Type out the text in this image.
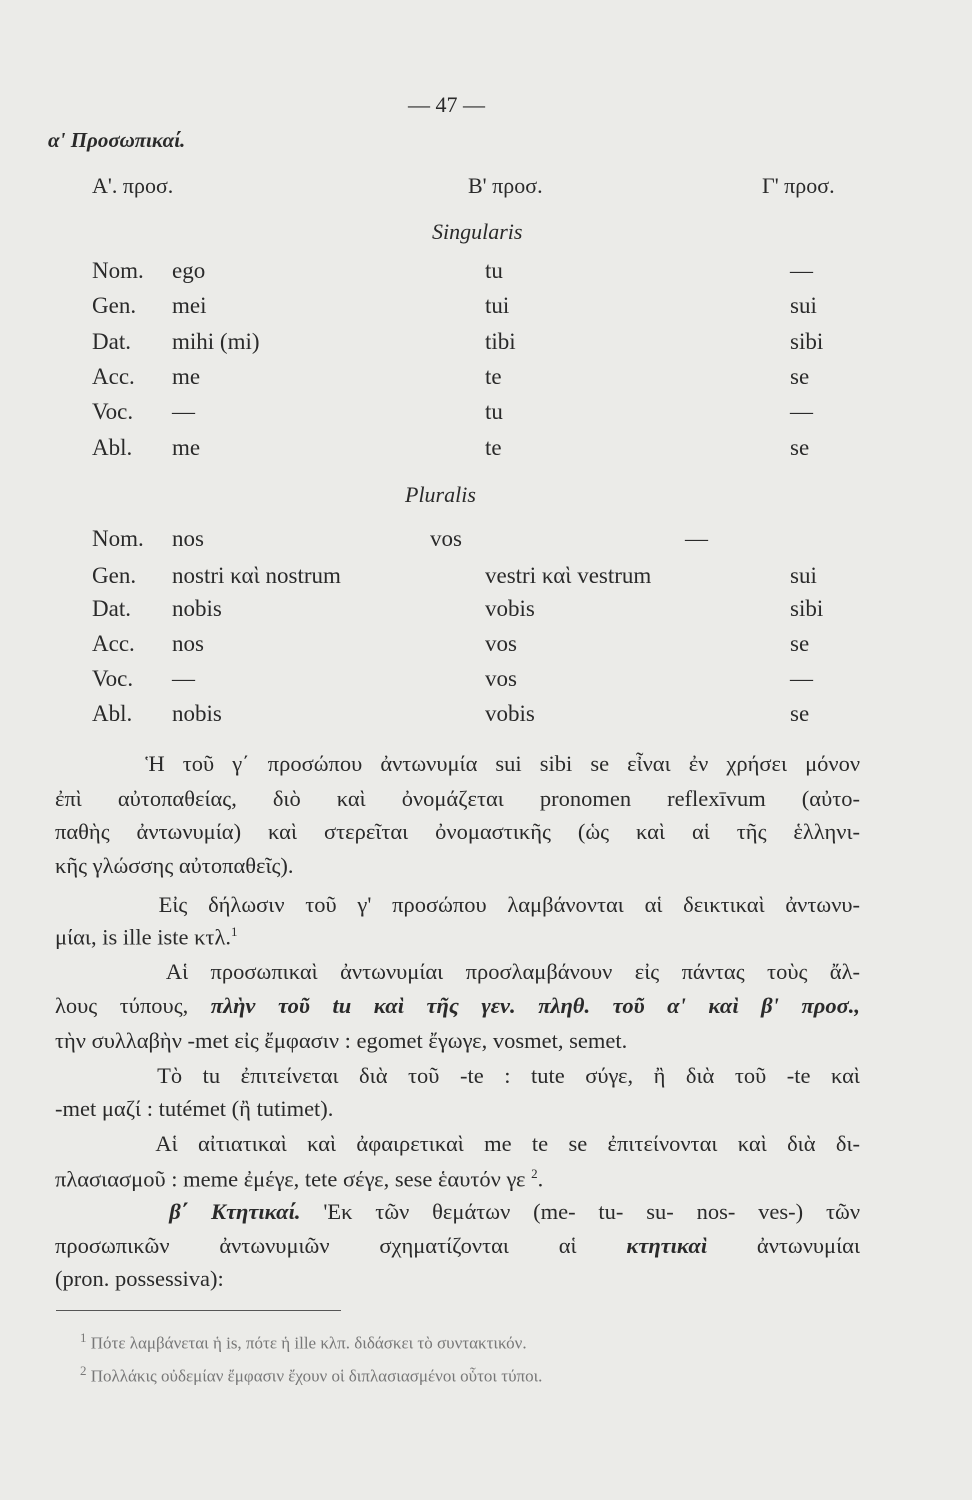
— 47 —
α' Προσωπικαί.
Α'. προσ.	Β' προσ.	Γ' προσ.
Singularis
Nom. ego	tu	—
Gen. mei	tui	sui
Dat. mihi (mi)	tibi	sibi
Acc. me	te	se
Voc. —	tu	—
Abl. me	te	se
Pluralis
Nom. nos	vos	—
Gen. nostri καὶ nostrum	vestri καὶ vestrum	sui
Dat. nobis	vobis	sibi
Acc. nos	vos	se
Voc. —	vos	—
Abl. nobis	vobis	se
Ἡ τοῦ γ΄ προσώπου ἀντωνυμία sui sibi se εἶναι ἐν χρήσει μόνον
ἐπὶ αὐτοπαθείας, διὸ καὶ ὀνομάζεται pronomen reflexīvum (αὐτο-
παθὴς ἀντωνυμία) καὶ στερεῖται ὀνομαστικῆς (ὡς καὶ αἱ τῆς ἑλληνι-
κῆς γλώσσης αὐτοπαθεῖς).
Εἰς δήλωσιν τοῦ γ' προσώπου λαμβάνονται αἱ δεικτικαὶ ἀντωνυ-
μίαι, is ille iste κτλ.$^1$
Αἱ προσωπικαὶ ἀντωνυμίαι προσλαμβάνουν εἰς πάντας τοὺς ἄλ-
λους τύπους, πλὴν τοῦ tu καὶ τῆς γεν. πληθ. τοῦ α' καὶ β' προσ.,
τὴν συλλαβὴν -met εἰς ἔμφασιν : egomet ἔγωγε, vosmet, semet.
Τὸ tu ἐπιτείνεται διὰ τοῦ -te : tute σύγε, ἢ διὰ τοῦ -te καὶ
-met μαζί : tutémet (ἢ tutimet).
Αἱ αἰτιατικαὶ καὶ ἀφαιρετικαὶ me te se ἐπιτείνονται καὶ διὰ δι-
πλασιασμοῦ : meme ἐμέγε, tete σέγε, sese ἑαυτόν γε $^2$.
β΄ Κτητικαί. 'Εκ τῶν θεμάτων (me- tu- su- nos- ves-) τῶν
προσωπικῶν ἀντωνυμιῶν σχηματίζονται αἱ κτητικαὶ ἀντωνυμίαι
(pron. possessiva):
$^1$ Πότε λαμβάνεται ἡ is, πότε ἡ ille κλπ. διδάσκει τὸ συντακτικόν.
$^2$ Πολλάκις οὐδεμίαν ἔμφασιν ἔχουν οἱ διπλασιασμένοι οὗτοι τύποι.
